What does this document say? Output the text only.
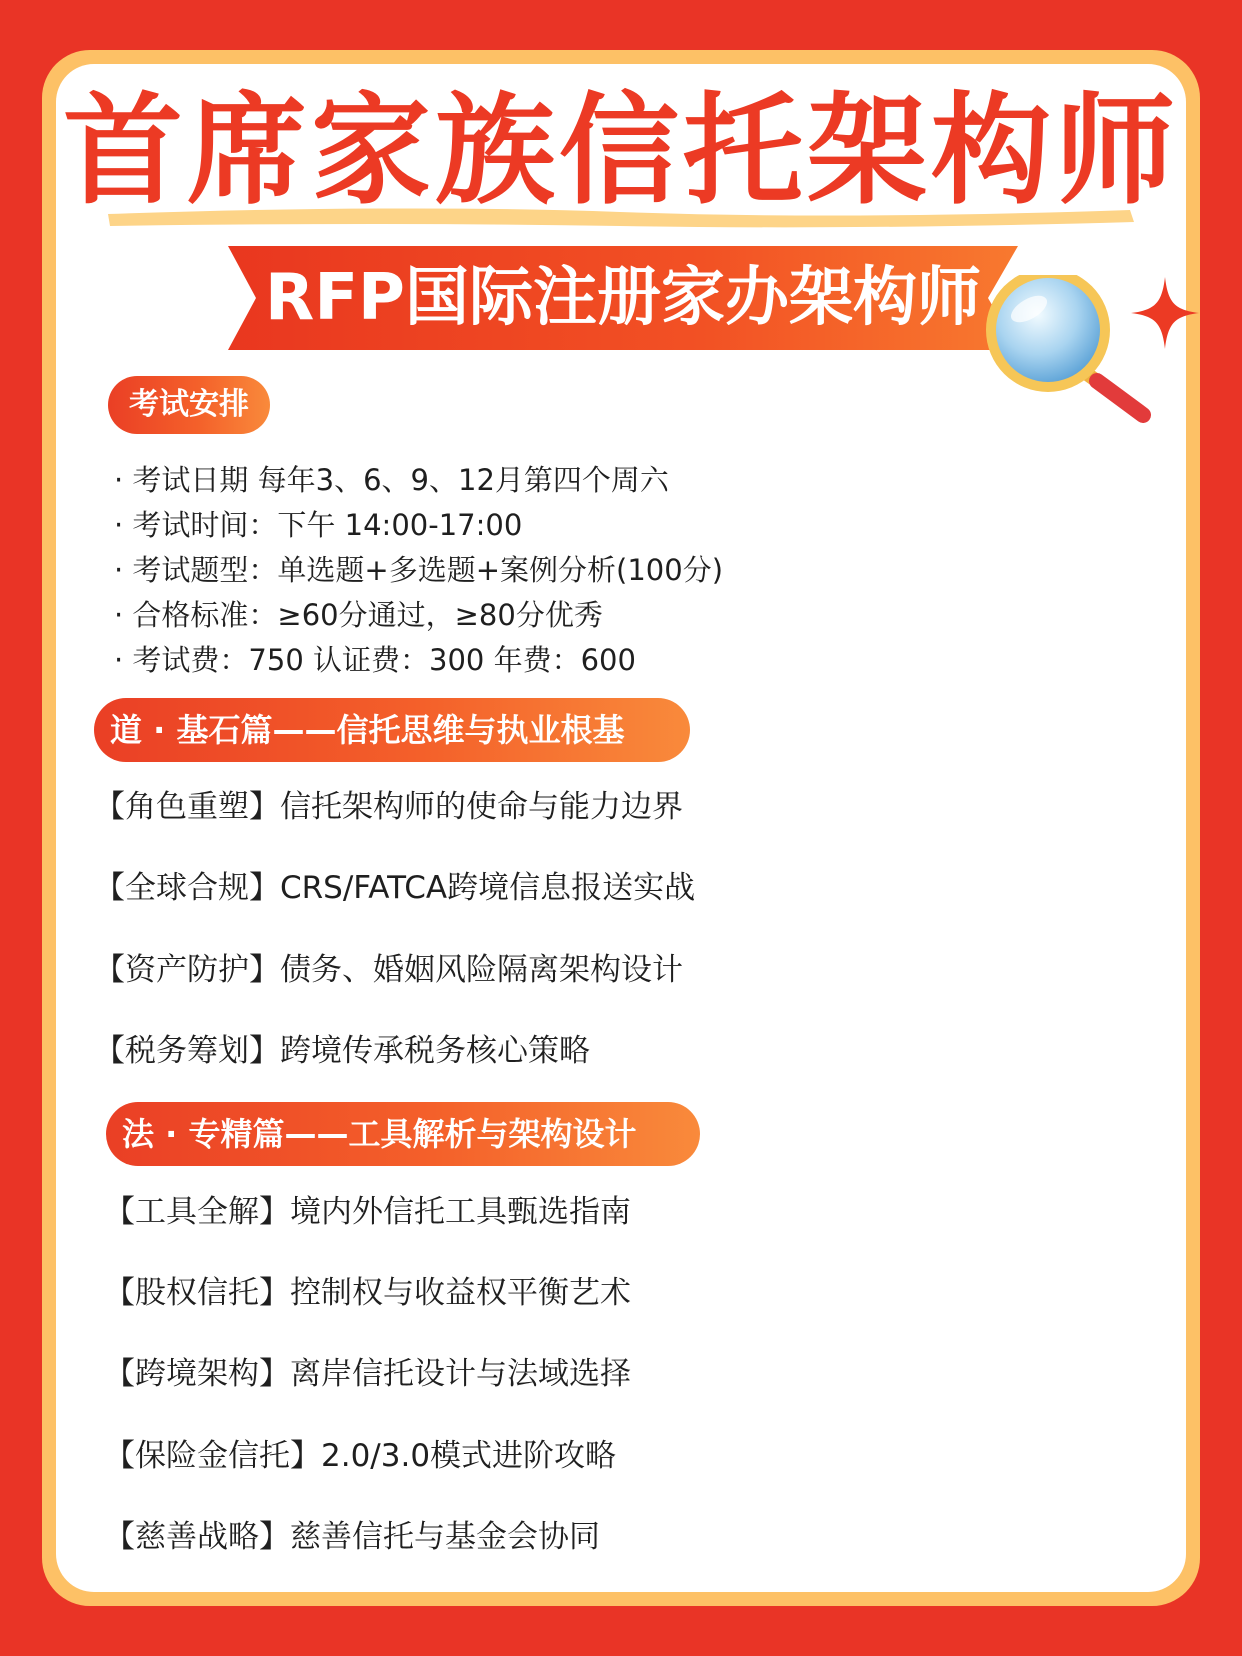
首席家族信托架构师
RFP国际注册家办架构师
考试安排
· 考试日期 每年3、6、9、12月第四个周六
· 考试时间：下午 14:00-17:00
· 考试题型：单选题+多选题+案例分析(100分)
· 合格标准：≥60分通过，≥80分优秀
· 考试费：750 认证费：300 年费：600
道 · 基石篇——信托思维与执业根基
【角色重塑】信托架构师的使命与能力边界
【全球合规】CRS/FATCA跨境信息报送实战
【资产防护】债务、婚姻风险隔离架构设计
【税务筹划】跨境传承税务核心策略
法 · 专精篇——工具解析与架构设计
【工具全解】境内外信托工具甄选指南
【股权信托】控制权与收益权平衡艺术
【跨境架构】离岸信托设计与法域选择
【保险金信托】2.0/3.0模式进阶攻略
【慈善战略】慈善信托与基金会协同
